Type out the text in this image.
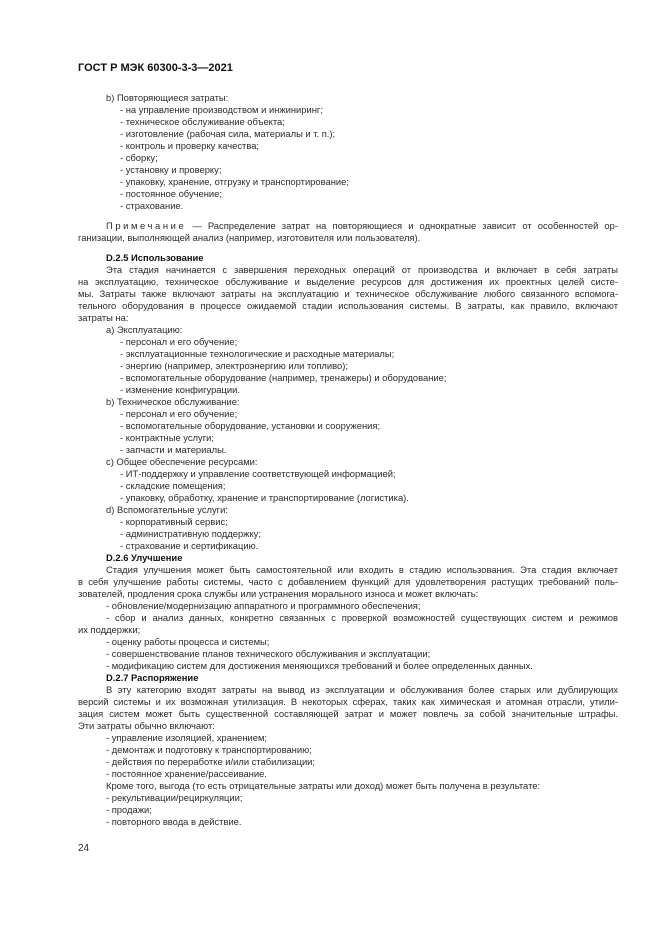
ГОСТ Р МЭК 60300-3-3—2021
b) Повторяющиеся затраты:
- на управление производством и инжиниринг;
- техническое обслуживание объекта;
- изготовление (рабочая сила, материалы и т. п.);
- контроль и проверку качества;
- сборку;
- установку и проверку;
- упаковку, хранение, отгрузку и транспортирование;
- постоянное обучение;
- страхование.
Примечание — Распределение затрат на повторяющиеся и однократные зависит от особенностей ор-
ганизации, выполняющей анализ (например, изготовителя или пользователя).
D.2.5 Использование
Эта стадия начинается с завершения переходных операций от производства и включает в себя затраты
на эксплуатацию, техническое обслуживание и выделение ресурсов для достижения их проектных целей систе-
мы. Затраты также включают затраты на эксплуатацию и техническое обслуживание любого связанного вспомога-
тельного оборудования в процессе ожидаемой стадии использования системы. В затраты, как правило, включают
затраты на:
a) Эксплуатацию:
- персонал и его обучение;
- эксплуатационные технологические и расходные материалы;
- энергию (например, электроэнергию или топливо);
- вспомогательные оборудование (например, тренажеры) и оборудование;
- изменение конфигурации.
b) Техническое обслуживание:
- персонал и его обучение;
- вспомогательные оборудование, установки и сооружения;
- контрактные услуги;
- запчасти и материалы.
c) Общее обеспечение ресурсами:
- ИТ-поддержку и управление соответствующей информацией;
- складские помещения;
- упаковку, обработку, хранение и транспортирование (логистика).
d) Вспомогательные услуги:
- корпоративный сервис;
- административную поддержку;
- страхование и сертификацию.
D.2.6 Улучшение
Стадия улучшения может быть самостоятельной или входить в стадию использования. Эта стадия включает
в себя улучшение работы системы, часто с добавлением функций для удовлетворения растущих требований поль-
зователей, продления срока службы или устранения морального износа и может включать:
- обновление/модернизацию аппаратного и программного обеспечения;
- сбор и анализ данных, конкретно связанных с проверкой возможностей существующих систем и режимов
их поддержки;
- оценку работы процесса и системы;
- совершенствование планов технического обслуживания и эксплуатации;
- модификацию систем для достижения меняющихся требований и более определенных данных.
D.2.7 Распоряжение
В эту категорию входят затраты на вывод из эксплуатации и обслуживания более старых или дублирующих
версий системы и их возможная утилизация. В некоторых сферах, таких как химическая и атомная отрасли, утили-
зация систем может быть существенной составляющей затрат и может повлечь за собой значительные штрафы.
Эти затраты обычно включают:
- управление изоляцией, хранением;
- демонтаж и подготовку к транспортированию;
- действия по переработке и/или стабилизации;
- постоянное хранение/рассеивание.
Кроме того, выгода (то есть отрицательные затраты или доход) может быть получена в результате:
- рекультивации/рециркуляции;
- продажи;
- повторного ввода в действие.
24
